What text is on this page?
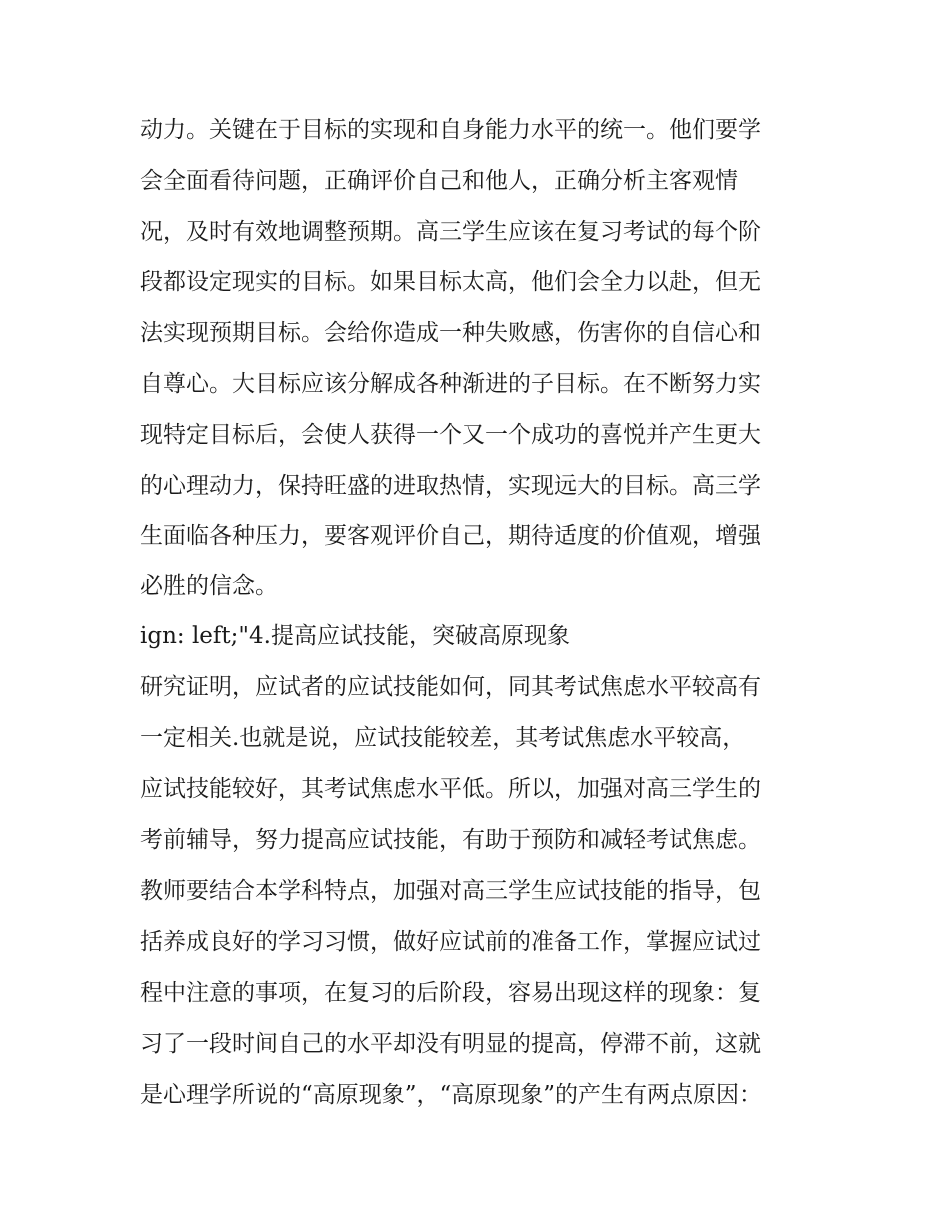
动力。关键在于目标的实现和自身能力水平的统一。他们要学
会全面看待问题，正确评价自己和他人，正确分析主客观情
况，及时有效地调整预期。高三学生应该在复习考试的每个阶
段都设定现实的目标。如果目标太高，他们会全力以赴，但无
法实现预期目标。会给你造成一种失败感，伤害你的自信心和
自尊心。大目标应该分解成各种渐进的子目标。在不断努力实
现特定目标后，会使人获得一个又一个成功的喜悦并产生更大
的心理动力，保持旺盛的进取热情，实现远大的目标。高三学
生面临各种压力，要客观评价自己，期待适度的价值观，增强
必胜的信念。
ign: left;"4.提高应试技能，突破高原现象
研究证明，应试者的应试技能如何，同其考试焦虑水平较高有
一定相关.也就是说，应试技能较差，其考试焦虑水平较高，
应试技能较好，其考试焦虑水平低。所以，加强对高三学生的
考前辅导，努力提高应试技能，有助于预防和减轻考试焦虑。
教师要结合本学科特点，加强对高三学生应试技能的指导，包
括养成良好的学习习惯，做好应试前的准备工作，掌握应试过
程中注意的事项，在复习的后阶段，容易出现这样的现象：复
习了一段时间自己的水平却没有明显的提高，停滞不前，这就
是心理学所说的“高原现象”，“高原现象”的产生有两点原因：
